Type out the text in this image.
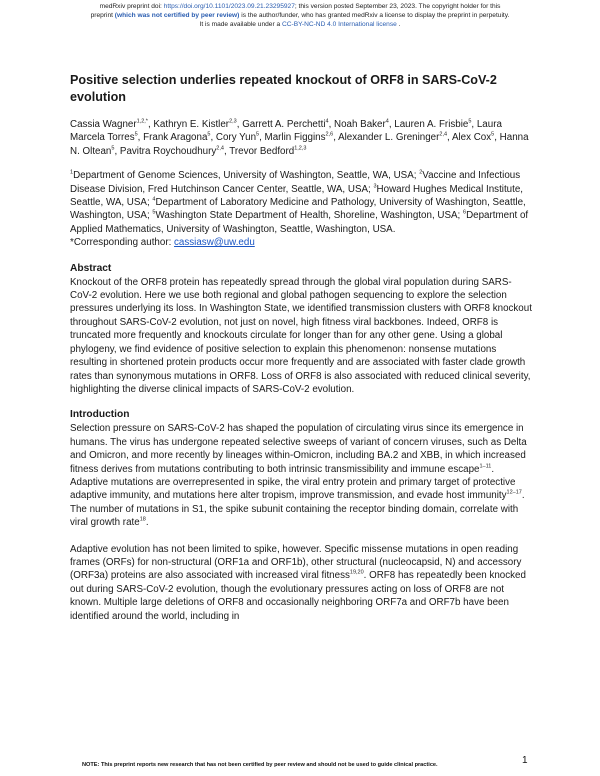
medRxiv preprint doi: https://doi.org/10.1101/2023.09.21.23295927; this version posted September 23, 2023. The copyright holder for this
preprint (which was not certified by peer review) is the author/funder, who has granted medRxiv a license to display the preprint in perpetuity.
It is made available under a CC-BY-NC-ND 4.0 International license .
Positive selection underlies repeated knockout of ORF8 in SARS-CoV-2 evolution
Cassia Wagner$^{1,2,*}$, Kathryn E. Kistler$^{2,3}$, Garrett A. Perchetti$^4$, Noah Baker$^4$, Lauren A. Frisbie$^5$, Laura Marcela Torres$^5$, Frank Aragona$^5$, Cory Yun$^5$, Marlin Figgins$^{2,6}$, Alexander L. Greninger$^{2,4}$, Alex Cox$^5$, Hanna N. Oltean$^5$, Pavitra Roychoudhury$^{2,4}$, Trevor Bedford$^{1,2,3}$
$^1$Department of Genome Sciences, University of Washington, Seattle, WA, USA; $^2$Vaccine and Infectious Disease Division, Fred Hutchinson Cancer Center, Seattle, WA, USA; $^3$Howard Hughes Medical Institute, Seattle, WA, USA; $^4$Department of Laboratory Medicine and Pathology, University of Washington, Seattle, Washington, USA; $^5$Washington State Department of Health, Shoreline, Washington, USA; $^6$Department of Applied Mathematics, University of Washington, Seattle, Washington, USA.
*Corresponding author: cassiasw@uw.edu
Abstract

Knockout of the ORF8 protein has repeatedly spread through the global viral population during SARS-CoV-2 evolution. Here we use both regional and global pathogen sequencing to explore the selection pressures underlying its loss. In Washington State, we identified transmission clusters with ORF8 knockout throughout SARS-CoV-2 evolution, not just on novel, high fitness viral backbones. Indeed, ORF8 is truncated more frequently and knockouts circulate for longer than for any other gene. Using a global phylogeny, we find evidence of positive selection to explain this phenomenon: nonsense mutations resulting in shortened protein products occur more frequently and are associated with faster clade growth rates than synonymous mutations in ORF8. Loss of ORF8 is also associated with reduced clinical severity, highlighting the diverse clinical impacts of SARS-CoV-2 evolution.

Introduction

Selection pressure on SARS-CoV-2 has shaped the population of circulating virus since its emergence in humans. The virus has undergone repeated selective sweeps of variant of concern viruses, such as Delta and Omicron, and more recently by lineages within-Omicron, including BA.2 and XBB, in which increased fitness derives from mutations contributing to both intrinsic transmissibility and immune escape$^{1-11}$. Adaptive mutations are overrepresented in spike, the viral entry protein and primary target of protective adaptive immunity, and mutations here alter tropism, improve transmission, and evade host immunity$^{12-17}$. The number of mutations in S1, the spike subunit containing the receptor binding domain, correlate with viral growth rate$^{18}$.

Adaptive evolution has not been limited to spike, however. Specific missense mutations in open reading frames (ORFs) for non-structural (ORF1a and ORF1b), other structural (nucleocapsid, N) and accessory (ORF3a) proteins are also associated with increased viral fitness$^{19,20}$. ORF8 has repeatedly been knocked out during SARS-CoV-2 evolution, though the evolutionary pressures acting on loss of ORF8 are not known. Multiple large deletions of ORF8 and occasionally neighboring ORF7a and ORF7b have been identified around the world, including in

NOTE: This preprint reports new research that has not been certified by peer review and should not be used to guide clinical practice.	1
